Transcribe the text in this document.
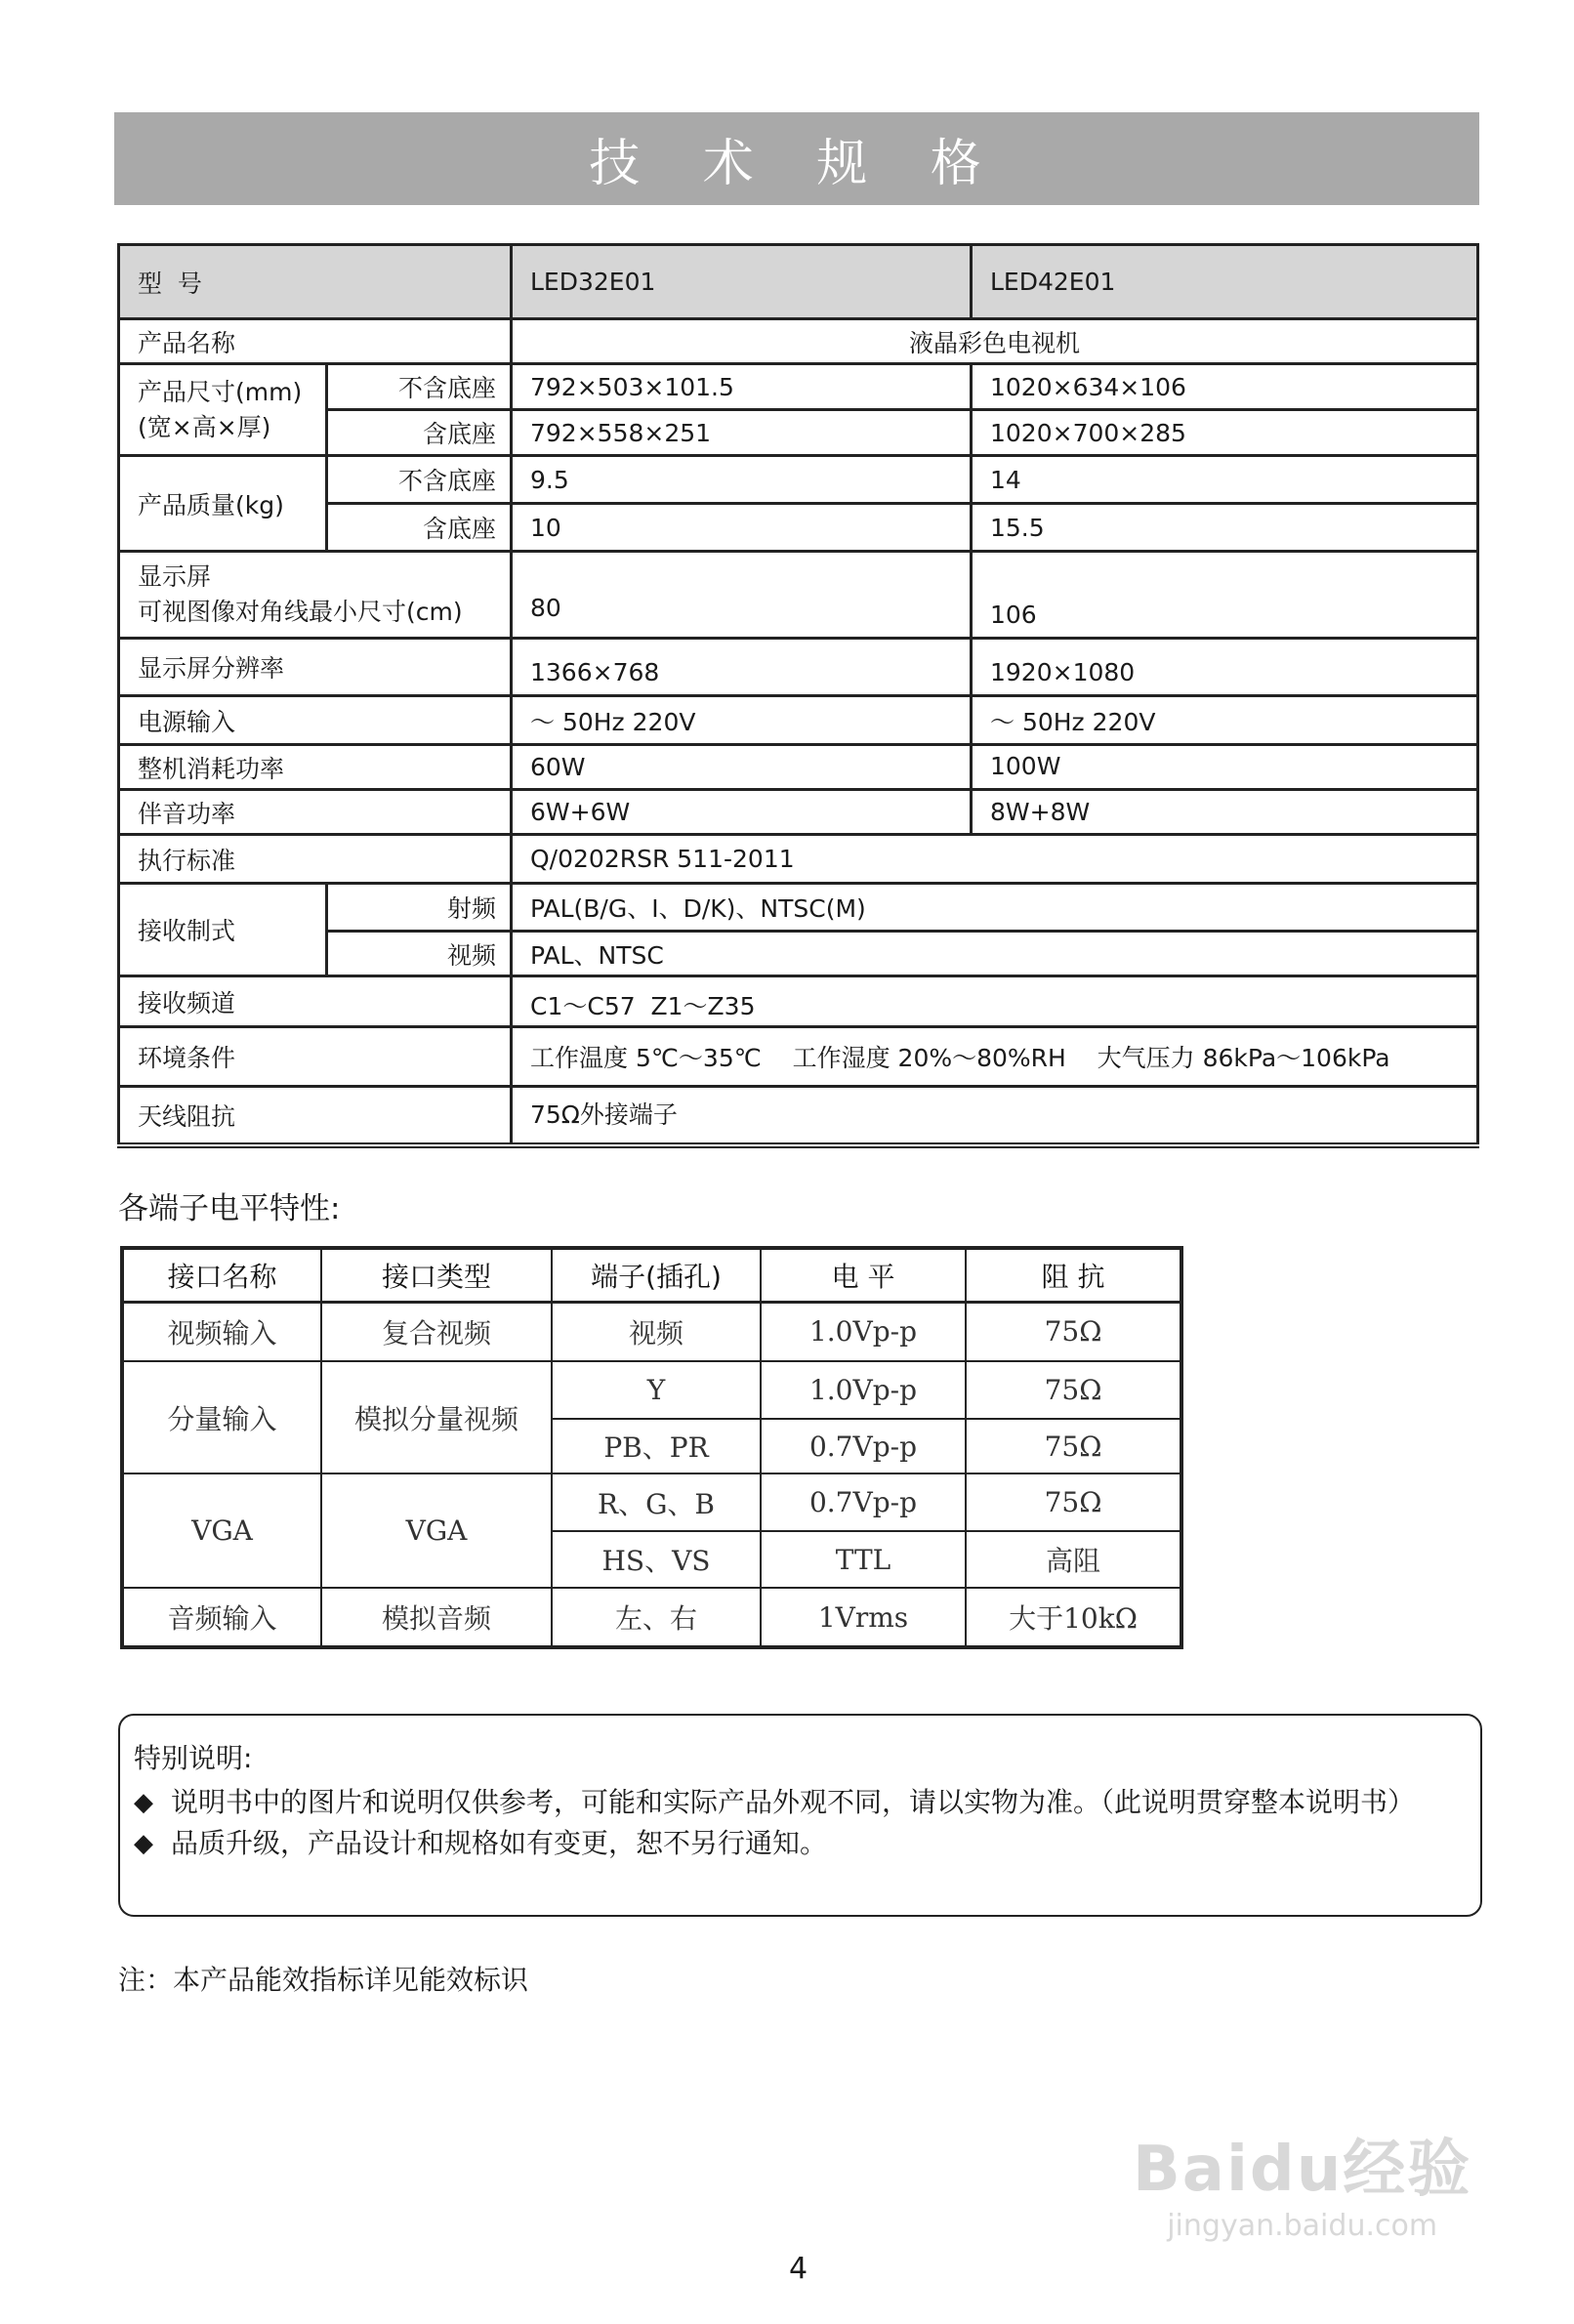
技 术 规 格
型  号		LED32E01	LED42E01
产品名称		液晶彩色电视机	

产品尺寸(mm)
(宽×高×厚)	不含底座	792×503×101.5	1020×634×106
	含底座	792×558×251	1020×700×285
产品质量(kg)	不含底座	9.5	14
	含底座	10	15.5

显示屏
可视图像对角线最小尺寸(cm)		80	106
显示屏分辨率		1366×768	1920×1080
电源输入		～ 50Hz 220V	～ 50Hz 220V
整机消耗功率		60W	100W
伴音功率		6W+6W	8W+8W
执行标准		Q/0202RSR 511-2011	
接收制式	射频	PAL(B/G、I、D/K)、NTSC(M)	
	视频	PAL、NTSC	
接收频道		C1～C57  Z1～Z35	
环境条件		工作温度 5℃～35℃    工作湿度 20%～80%RH    大气压力 86kPa～106kPa	
天线阻抗		75Ω外接端子	
各端子电平特性:
接口名称	接口类型	端子(插孔)	电 平	阻 抗
视频输入	复合视频	视频	1.0Vp-p	75Ω
分量输入	模拟分量视频	Y	1.0Vp-p	75Ω
		PB、PR	0.7Vp-p	75Ω
VGA	VGA	R、G、B	0.7Vp-p	75Ω
		HS、VS	TTL	高阻
音频输入	模拟音频	左、右	1Vrms	大于10kΩ
特别说明:
◆ 说明书中的图片和说明仅供参考，可能和实际产品外观不同，请以实物为准。（此说明贯穿整本说明书）
◆ 品质升级，产品设计和规格如有变更，恕不另行通知。
注：本产品能效指标详见能效标识
Baidu经验
jingyan.baidu.com
4
